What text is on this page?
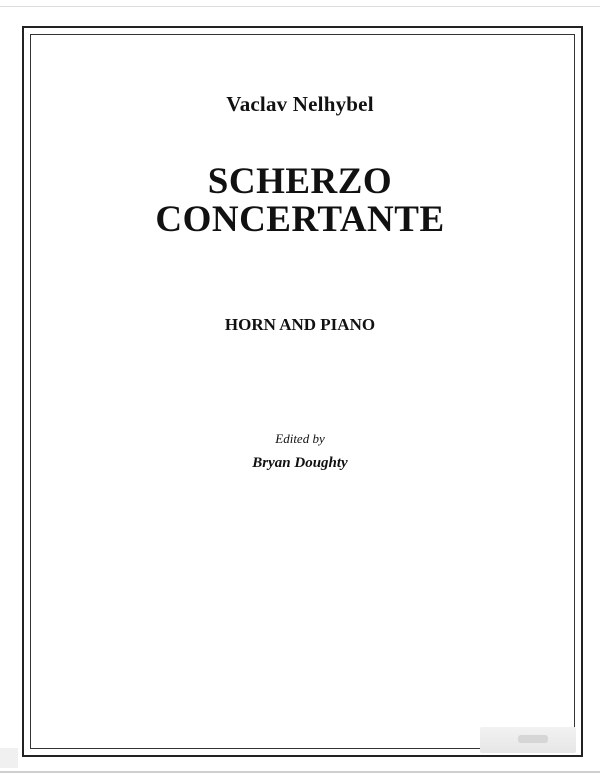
Vaclav Nelhybel
SCHERZO
CONCERTANTE
HORN AND PIANO
Edited by
Bryan Doughty
